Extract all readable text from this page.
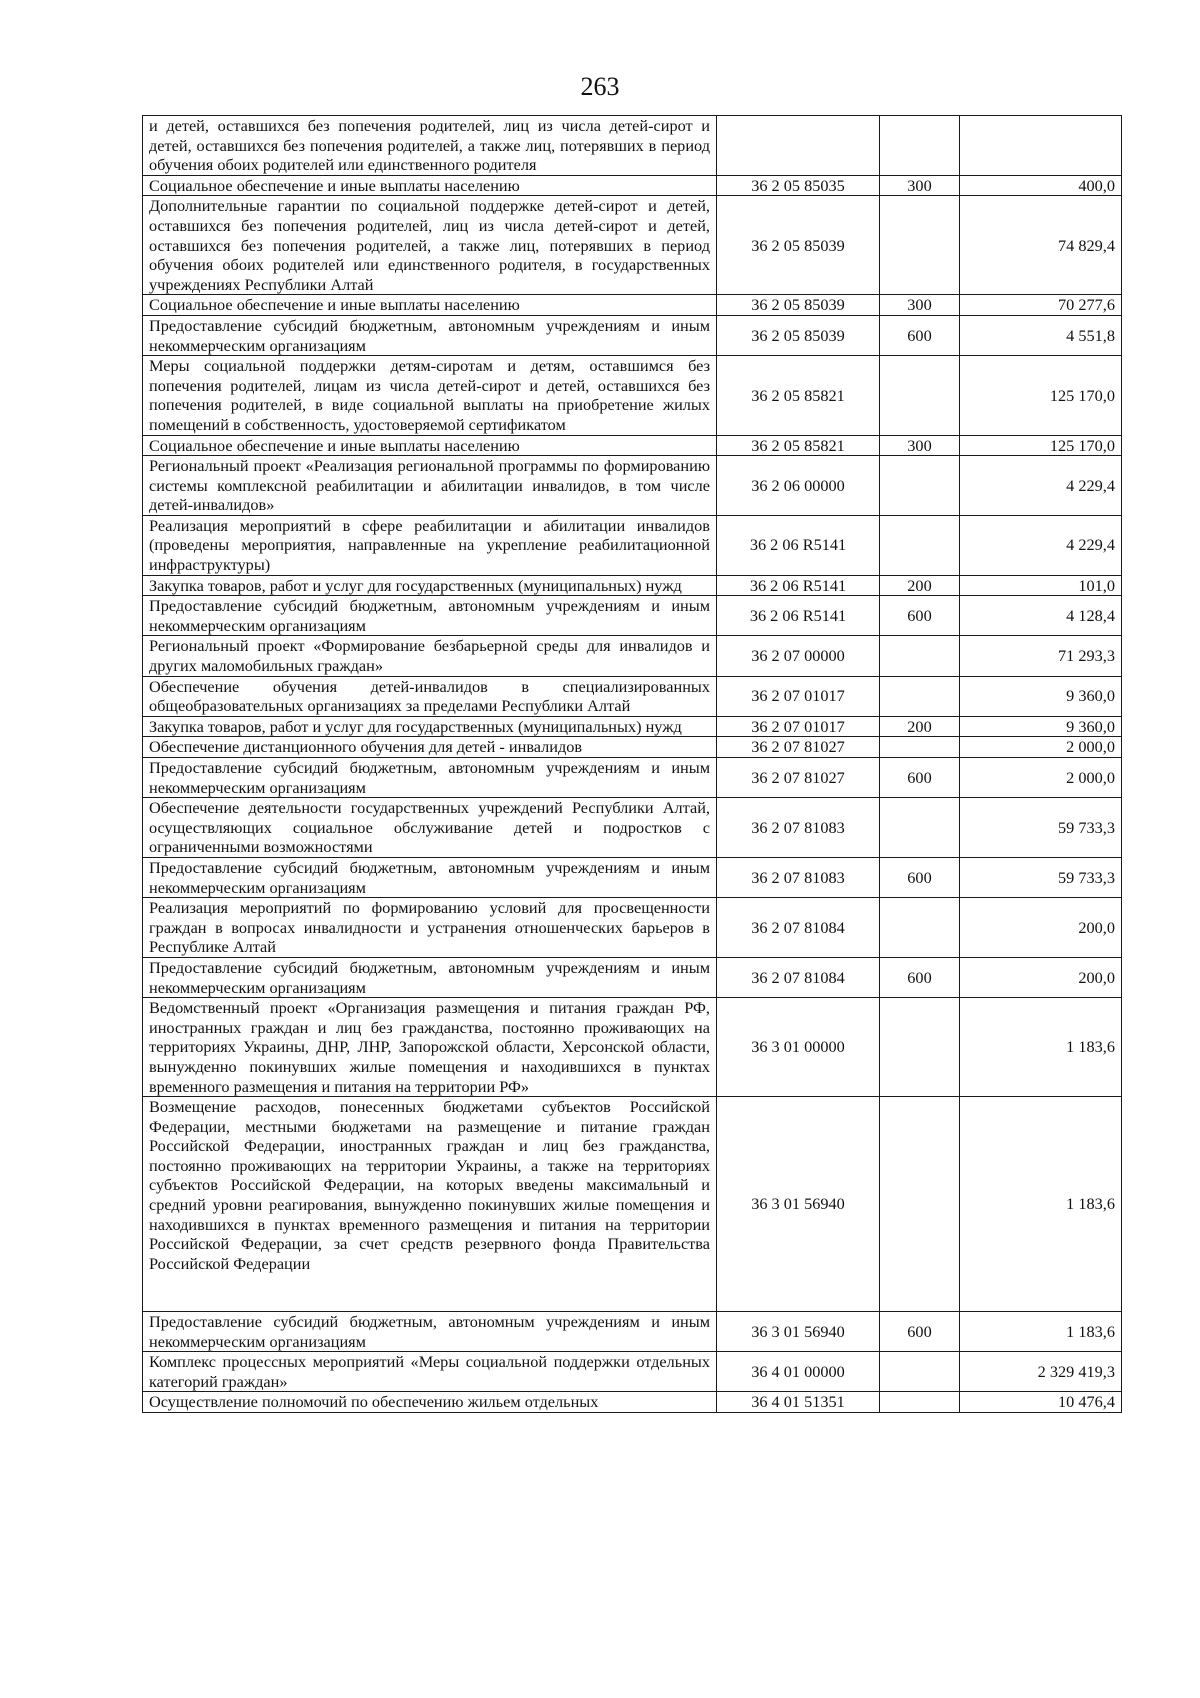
263
и детей, оставшихся без попечения родителей, лиц из числа детей-сирот и детей, оставшихся без попечения родителей, а также лиц, потерявших в период обучения обоих родителей или единственного родителя			
Социальное обеспечение и иные выплаты населению	36 2 05 85035	300	400,0
Дополнительные гарантии по социальной поддержке детей-сирот и детей, оставшихся без попечения родителей, лиц из числа детей-сирот и детей, оставшихся без попечения родителей, а также лиц, потерявших в период обучения обоих родителей или единственного родителя, в государственных учреждениях Республики Алтай	36 2 05 85039		74 829,4
Социальное обеспечение и иные выплаты населению	36 2 05 85039	300	70 277,6
Предоставление субсидий бюджетным, автономным учреждениям и иным некоммерческим организациям	36 2 05 85039	600	4 551,8
Меры социальной поддержки детям-сиротам и детям, оставшимся без попечения родителей, лицам из числа детей-сирот и детей, оставшихся без попечения родителей, в виде социальной выплаты на приобретение жилых помещений в собственность, удостоверяемой сертификатом	36 2 05 85821		125 170,0
Социальное обеспечение и иные выплаты населению	36 2 05 85821	300	125 170,0
Региональный проект «Реализация региональной программы по формированию системы комплексной реабилитации и абилитации инвалидов, в том числе детей-инвалидов»	36 2 06 00000		4 229,4
Реализация мероприятий в сфере реабилитации и абилитации инвалидов (проведены мероприятия, направленные на укрепление реабилитационной инфраструктуры)	36 2 06 R5141		4 229,4
Закупка товаров, работ и услуг для государственных (муниципальных) нужд	36 2 06 R5141	200	101,0
Предоставление субсидий бюджетным, автономным учреждениям и иным некоммерческим организациям	36 2 06 R5141	600	4 128,4
Региональный проект «Формирование безбарьерной среды для инвалидов и других маломобильных граждан»	36 2 07 00000		71 293,3
Обеспечение обучения детей-инвалидов в специализированных общеобразовательных организациях за пределами Республики Алтай	36 2 07 01017		9 360,0
Закупка товаров, работ и услуг для государственных (муниципальных) нужд	36 2 07 01017	200	9 360,0
Обеспечение дистанционного обучения для детей - инвалидов	36 2 07 81027		2 000,0
Предоставление субсидий бюджетным, автономным учреждениям и иным некоммерческим организациям	36 2 07 81027	600	2 000,0
Обеспечение деятельности государственных учреждений Республики Алтай, осуществляющих социальное обслуживание детей и подростков с ограниченными возможностями	36 2 07 81083		59 733,3
Предоставление субсидий бюджетным, автономным учреждениям и иным некоммерческим организациям	36 2 07 81083	600	59 733,3
Реализация мероприятий по формированию условий для просвещенности граждан в вопросах инвалидности и устранения отношенческих барьеров в Республике Алтай	36 2 07 81084		200,0
Предоставление субсидий бюджетным, автономным учреждениям и иным некоммерческим организациям	36 2 07 81084	600	200,0
Ведомственный проект «Организация размещения и питания граждан РФ, иностранных граждан и лиц без гражданства, постоянно проживающих на территориях Украины, ДНР, ЛНР, Запорожской области, Херсонской области, вынужденно покинувших жилые помещения и находившихся в пунктах временного размещения и питания на территории РФ»	36 3 01 00000		1 183,6
Возмещение расходов, понесенных бюджетами субъектов Российской Федерации, местными бюджетами на размещение и питание граждан Российской Федерации, иностранных граждан и лиц без гражданства, постоянно проживающих на территории Украины, а также на территориях субъектов Российской Федерации, на которых введены максимальный и средний уровни реагирования, вынужденно покинувших жилые помещения и находившихся в пунктах временного размещения и питания на территории Российской Федерации, за счет средств резервного фонда Правительства Российской Федерации	36 3 01 56940		1 183,6
Предоставление субсидий бюджетным, автономным учреждениям и иным некоммерческим организациям	36 3 01 56940	600	1 183,6
Комплекс процессных мероприятий «Меры социальной поддержки отдельных категорий граждан»	36 4 01 00000		2 329 419,3
Осуществление полномочий по обеспечению жильем отдельных	36 4 01 51351		10 476,4
